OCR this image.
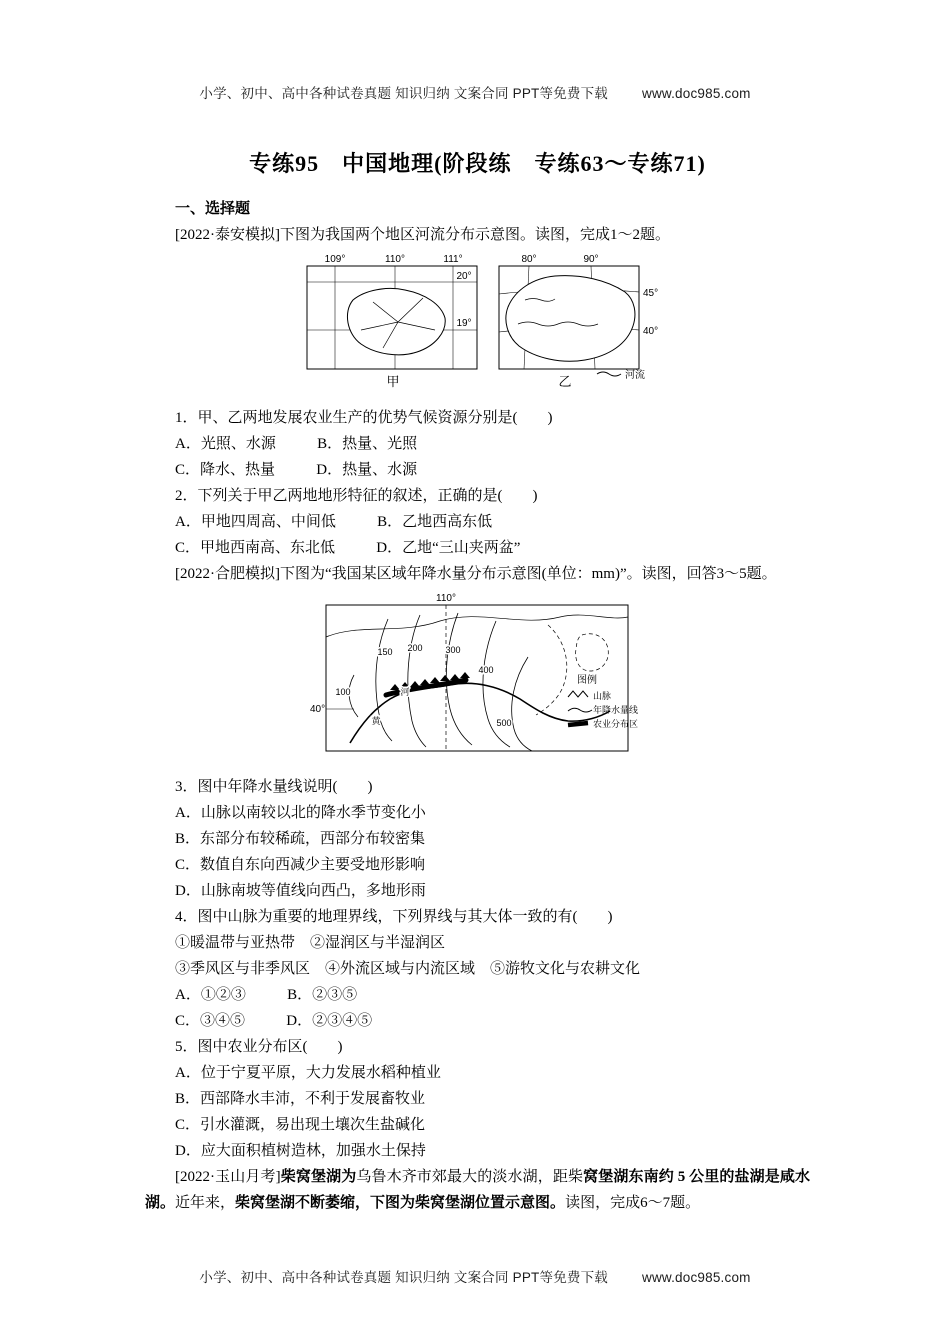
小学、初中、高中各种试卷真题 知识归纳 文案合同 PPT等免费下载	www.doc985.com
专练95　中国地理(阶段练　专练63～专练71)
一、选择题

[2022·泰安模拟]下图为我国两个地区河流分布示意图。读图，完成1～2题。

109°	110°	111°
20°
19°
甲
80°	90°
45°
40°
河流
乙
1．甲、乙两地发展农业生产的优势气候资源分别是(　　)
A．光照、水源	B．热量、光照
C．降水、热量	D．热量、水源
2．下列关于甲乙两地地形特征的叙述，正确的是(　　)
A．甲地四周高、中间低	B．乙地西高东低
C．甲地西南高、东北低	D．乙地“三山夹两盆”

[2022·合肥模拟]下图为“我国某区域年降水量分布示意图(单位：mm)”。读图，回答3～5题。

110°
40°
100
150 200	300
400
500
黄
河
图例
山脉
年降水量线
农业分布区
3．图中年降水量线说明(　　)
A．山脉以南较以北的降水季节变化小
B．东部分布较稀疏，西部分布较密集
C．数值自东向西减少主要受地形影响
D．山脉南坡等值线向西凸，多地形雨
4．图中山脉为重要的地理界线，下列界线与其大体一致的有(　　)
①暖温带与亚热带　②湿润区与半湿润区
③季风区与非季风区　④外流区域与内流区域　⑤游牧文化与农耕文化
A．①②③	B．②③⑤
C．③④⑤	D．②③④⑤
5．图中农业分布区(　　)
A．位于宁夏平原，大力发展水稻种植业
B．西部降水丰沛，不利于发展畜牧业
C．引水灌溉，易出现土壤次生盐碱化
D．应大面积植树造林，加强水土保持

[2022·玉山月考]柴窝堡湖为乌鲁木齐市郊最大的淡水湖，距柴窝堡湖东南约 5 公里的盐湖是咸水湖。近年来，柴窝堡湖不断萎缩，下图为柴窝堡湖位置示意图。读图，完成6～7题。

小学、初中、高中各种试卷真题 知识归纳 文案合同 PPT等免费下载	www.doc985.com
